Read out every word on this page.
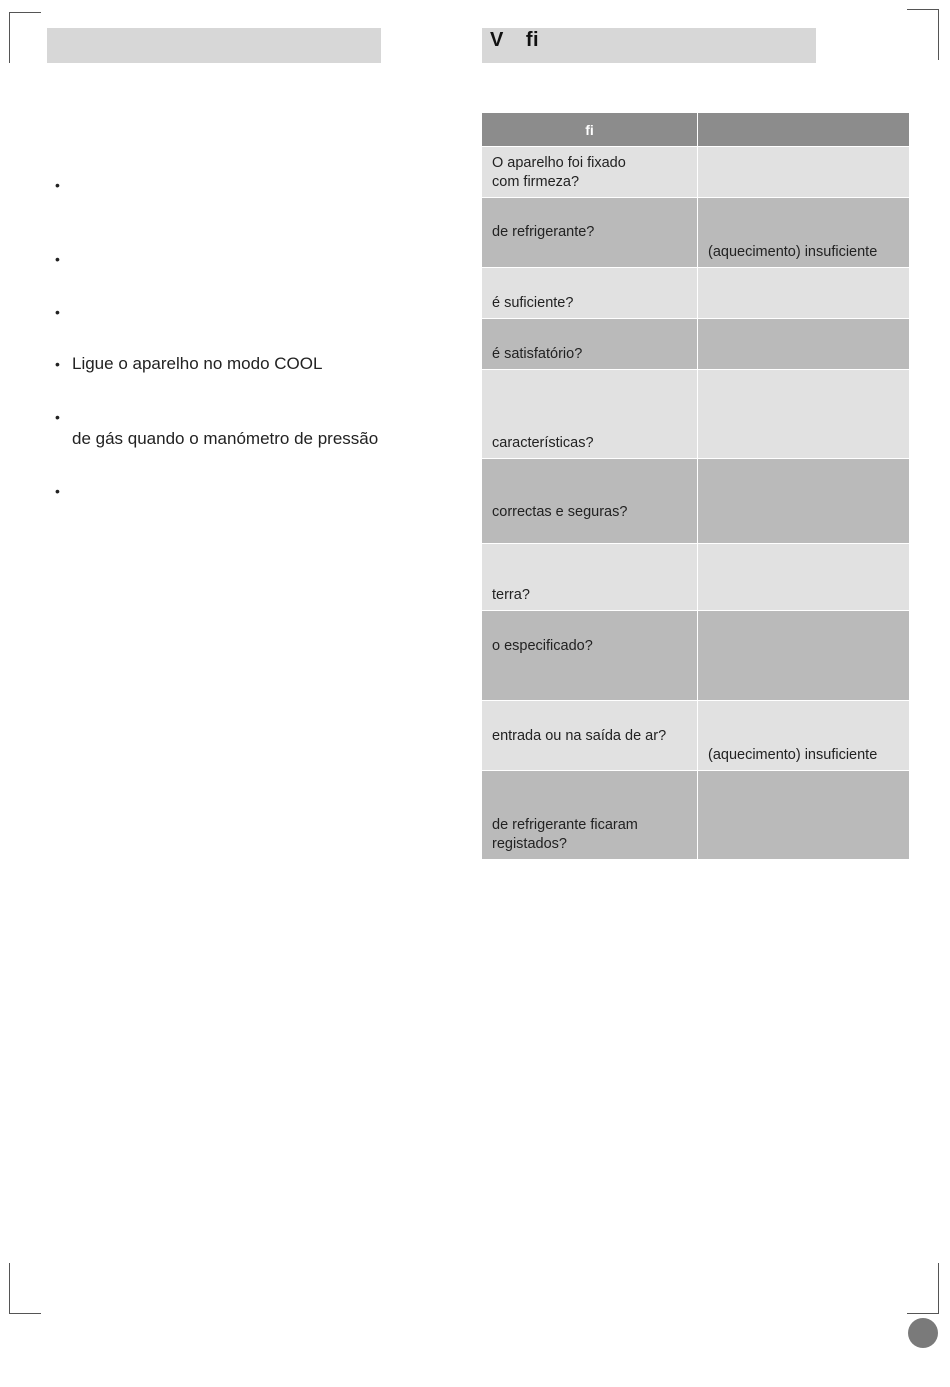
V fi
•
•
•
• Ligue o aparelho no modo COOL
•
de gás quando o manómetro de pressão
•
fi
O aparelho foi fixado
com firmeza?
de refrigerante?
(aquecimento) insuficiente
é suficiente?
é satisfatório?
características?
correctas e seguras?
terra?
o especificado?
entrada ou na saída de ar?
(aquecimento) insuficiente
de refrigerante ficaram
registados?
